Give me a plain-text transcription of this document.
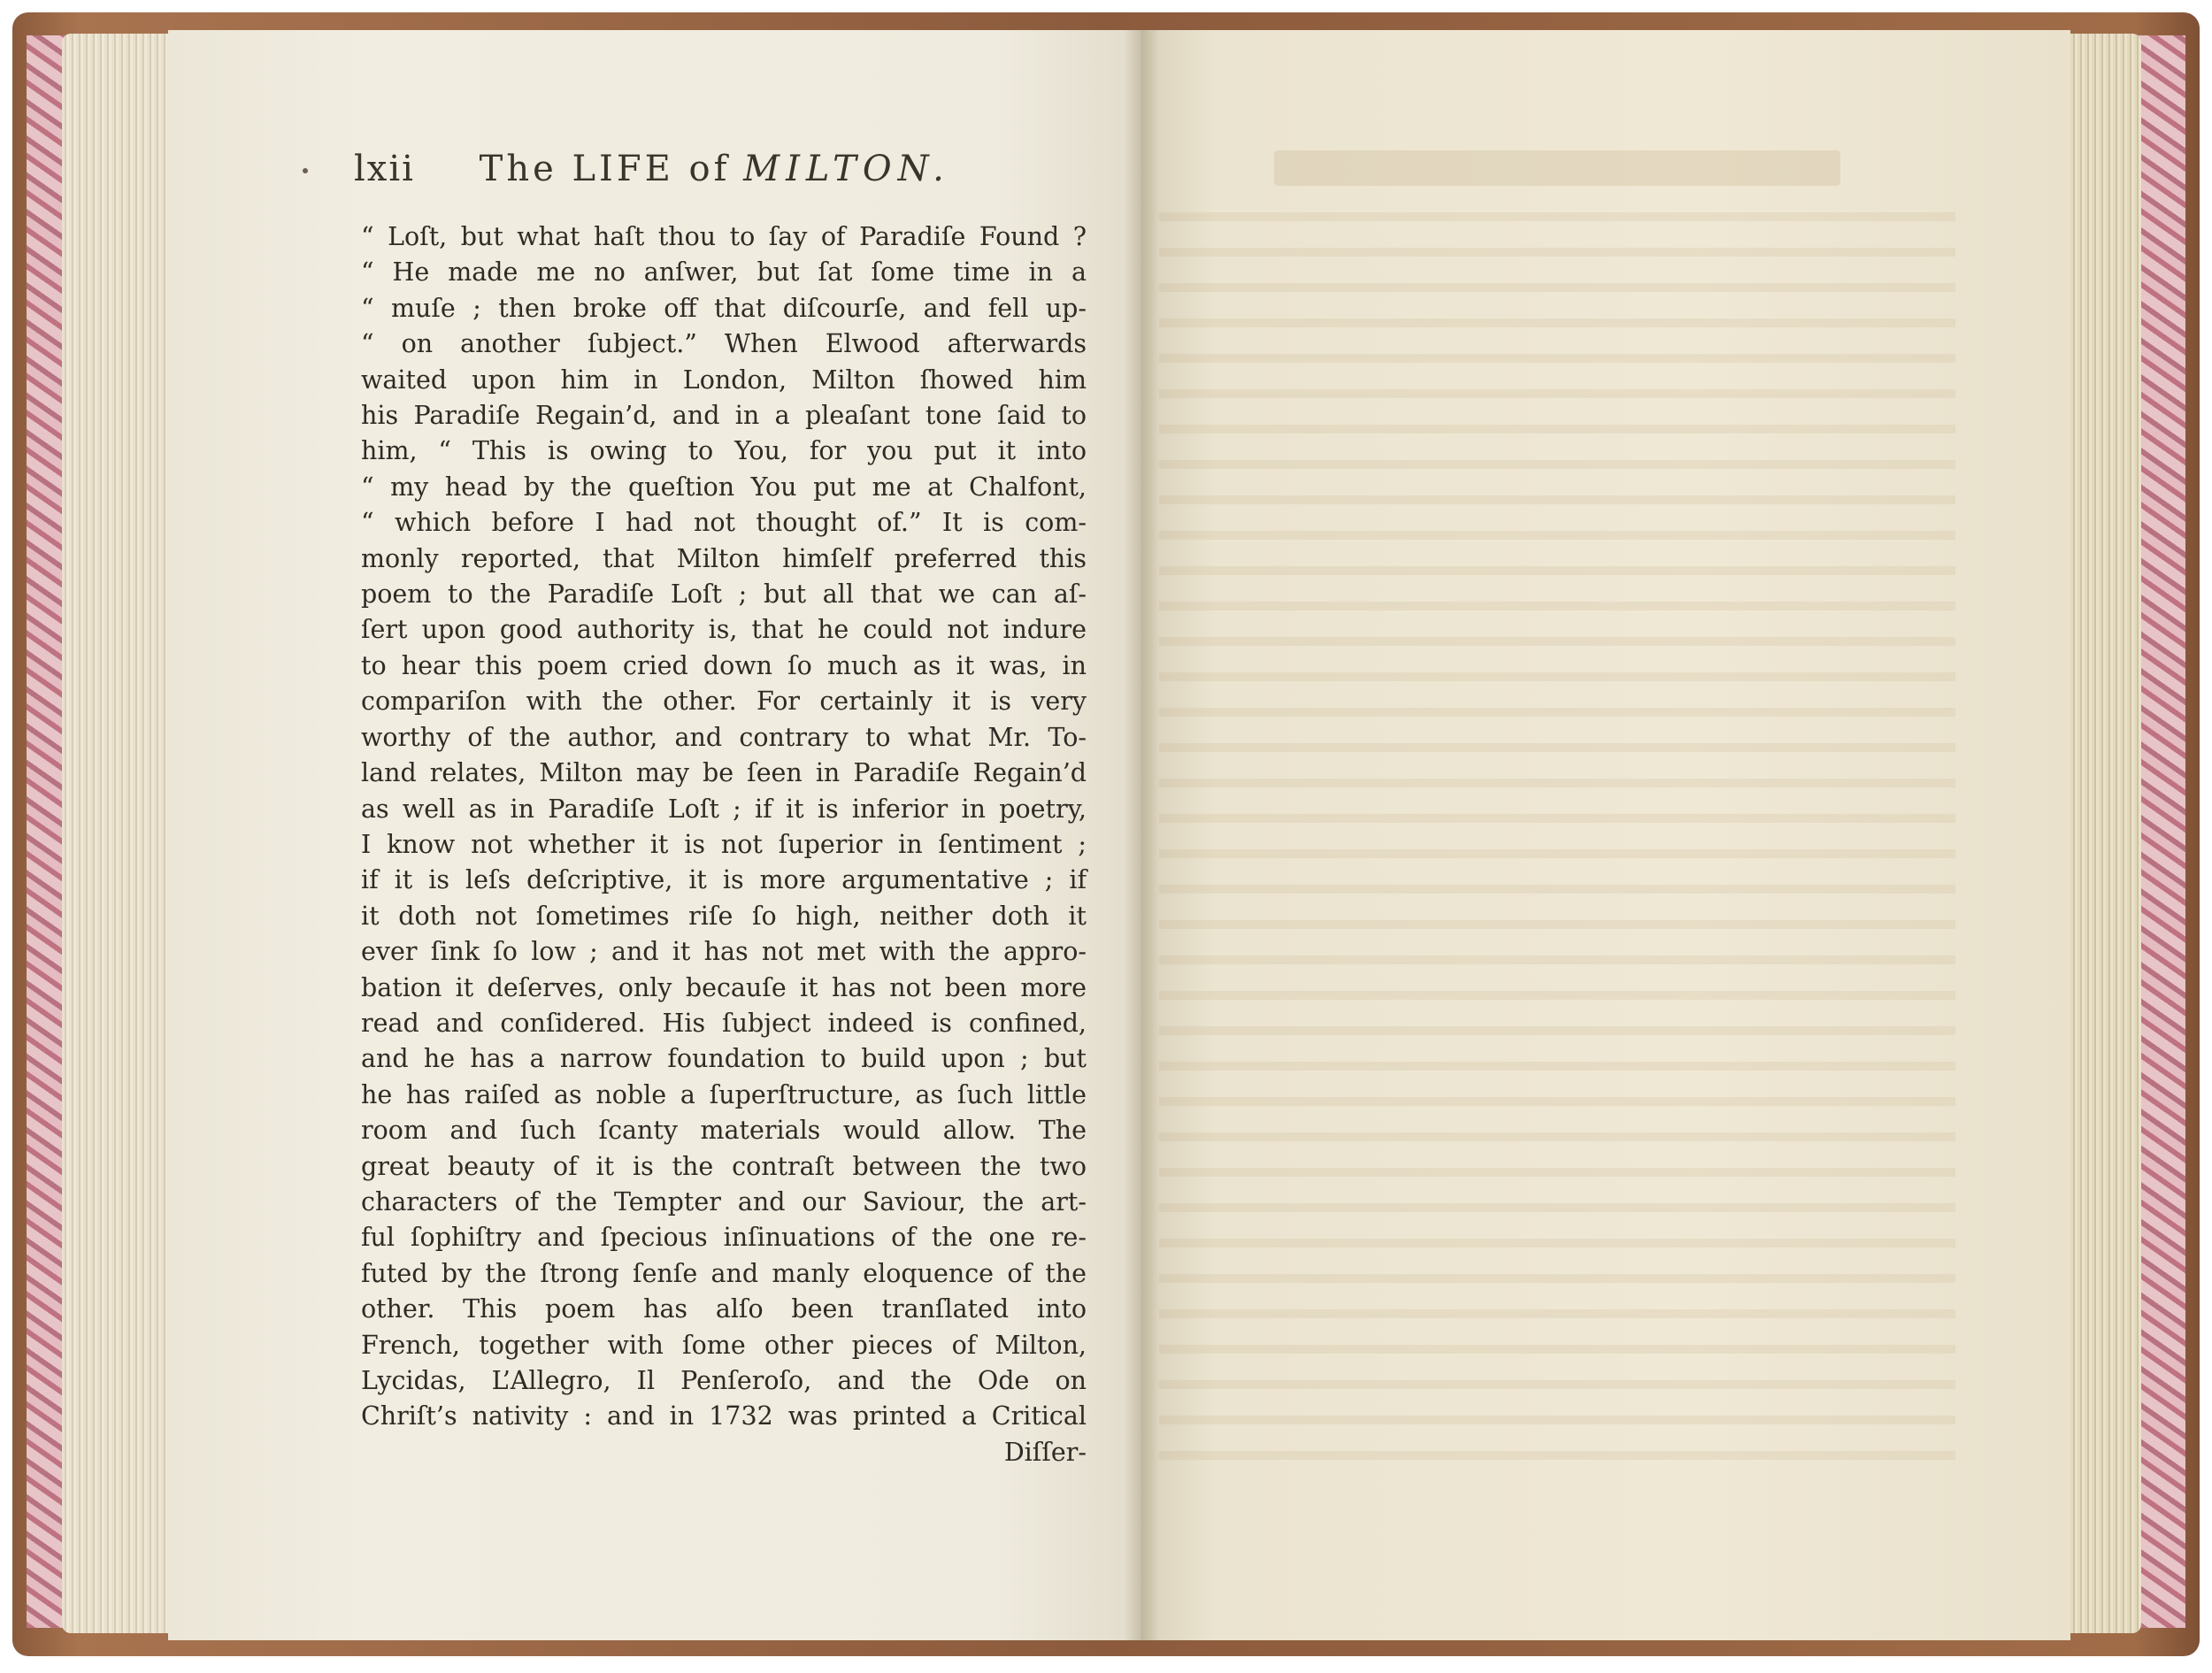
lxii The LIFE of MILTON.
“ Loſt, but what haſt thou to ſay of Paradiſe Found ?
“ He made me no anſwer, but ſat ſome time in a
“ muſe ; then broke off that diſcourſe, and fell up-
“ on another ſubject.” When Elwood afterwards
waited upon him in London, Milton ſhowed him
his Paradiſe Regain’d, and in a pleaſant tone ſaid to
him, “ This is owing to You, for you put it into
“ my head by the queſtion You put me at Chalfont,
“ which before I had not thought of.” It is com-
monly reported, that Milton himſelf preferred this
poem to the Paradiſe Loſt ; but all that we can aſ-
ſert upon good authority is, that he could not indure
to hear this poem cried down ſo much as it was, in
compariſon with the other. For certainly it is very
worthy of the author, and contrary to what Mr. To-
land relates, Milton may be ſeen in Paradiſe Regain’d
as well as in Paradiſe Loſt ; if it is inferior in poetry,
I know not whether it is not ſuperior in ſentiment ;
if it is leſs deſcriptive, it is more argumentative ; if
it doth not ſometimes riſe ſo high, neither doth it
ever ſink ſo low ; and it has not met with the appro-
bation it deſerves, only becauſe it has not been more
read and conſidered. His ſubject indeed is confined,
and he has a narrow foundation to build upon ; but
he has raiſed as noble a ſuperſtructure, as ſuch little
room and ſuch ſcanty materials would allow. The
great beauty of it is the contraſt between the two
characters of the Tempter and our Saviour, the art-
ful ſophiſtry and ſpecious inſinuations of the one re-
futed by the ſtrong ſenſe and manly eloquence of the
other. This poem has alſo been tranſlated into
French, together with ſome other pieces of Milton,
Lycidas, L’Allegro, Il Penſeroſo, and the Ode on
Chriſt’s nativity : and in 1732 was printed a Critical
Diſſer-
